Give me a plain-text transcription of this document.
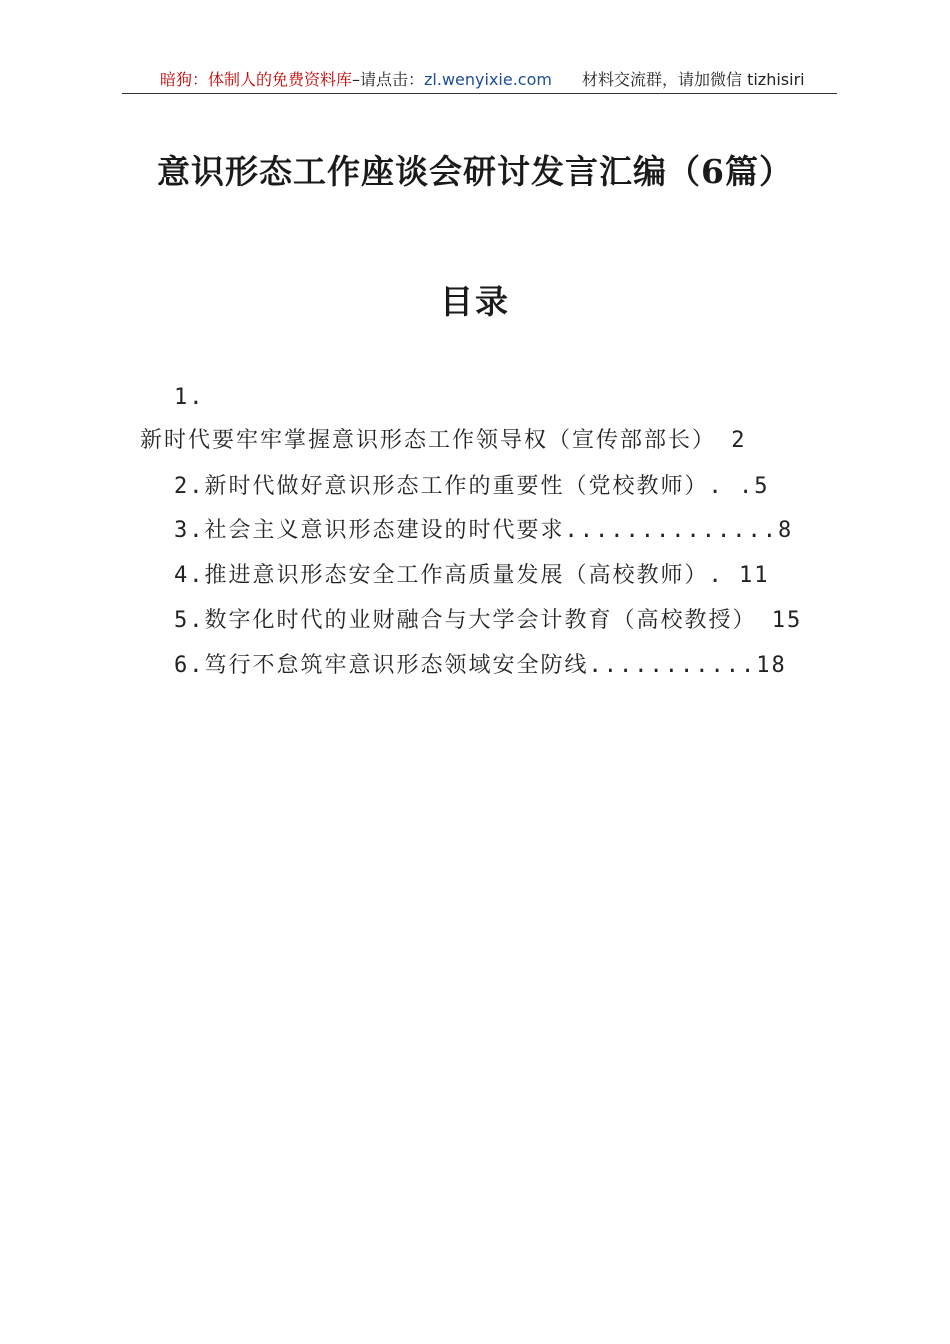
暗狗：体制人的免费资料库–请点击：zl.wenyixie.com 材料交流群，请加微信 tizhisiri
意识形态工作座谈会研讨发言汇编（6篇）
目录
1.
新时代要牢牢掌握意识形态工作领导权（宣传部部长） 2
2.新时代做好意识形态工作的重要性（党校教师）. .5
3.社会主义意识形态建设的时代要求..............8
4.推进意识形态安全工作高质量发展（高校教师）. 11
5.数字化时代的业财融合与大学会计教育（高校教授） 15
6.笃行不怠筑牢意识形态领域安全防线...........18
